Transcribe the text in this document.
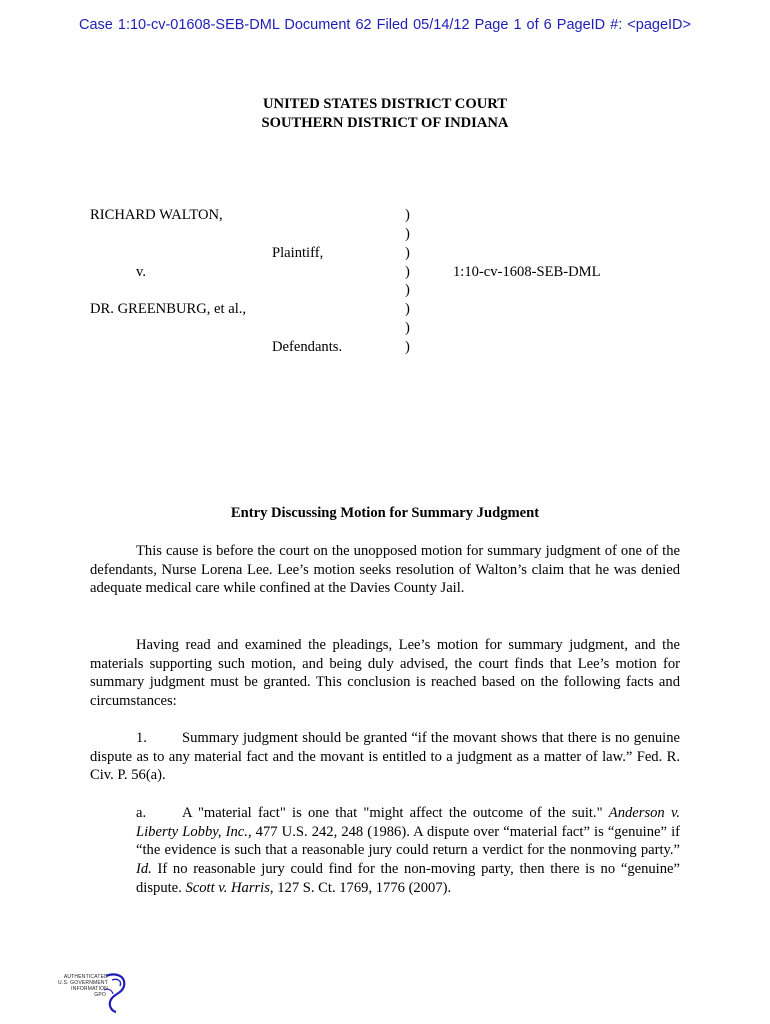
Case 1:10-cv-01608-SEB-DML Document 62 Filed 05/14/12 Page 1 of 6 PageID #: <pageID>
UNITED STATES DISTRICT COURT
SOUTHERN DISTRICT OF INDIANA
RICHARD WALTON,
Plaintiff,
v.
DR. GREENBURG, et al.,
Defendants.
1:10-cv-1608-SEB-DML
)
)
)
)
)
)
)
)
Entry Discussing Motion for Summary Judgment

This cause is before the court on the unopposed motion for summary judgment of one of the defendants, Nurse Lorena Lee. Lee’s motion seeks resolution of Walton’s claim that he was denied adequate medical care while confined at the Davies County Jail.

Having read and examined the pleadings, Lee’s motion for summary judgment, and the materials supporting such motion, and being duly advised, the court finds that Lee’s motion for summary judgment must be granted. This conclusion is reached based on the following facts and circumstances:

1. Summary judgment should be granted “if the movant shows that there is no genuine dispute as to any material fact and the movant is entitled to a judgment as a matter of law.” Fed. R. Civ. P. 56(a).

a. A "material fact" is one that "might affect the outcome of the suit." Anderson v. Liberty Lobby, Inc., 477 U.S. 242, 248 (1986). A dispute over “material fact” is “genuine” if “the evidence is such that a reasonable jury could return a verdict for the nonmoving party.” Id. If no reasonable jury could find for the non-moving party, then there is no “genuine” dispute. Scott v. Harris, 127 S. Ct. 1769, 1776 (2007).

AUTHENTICATED
U.S. GOVERNMENT
INFORMATION
GPO
